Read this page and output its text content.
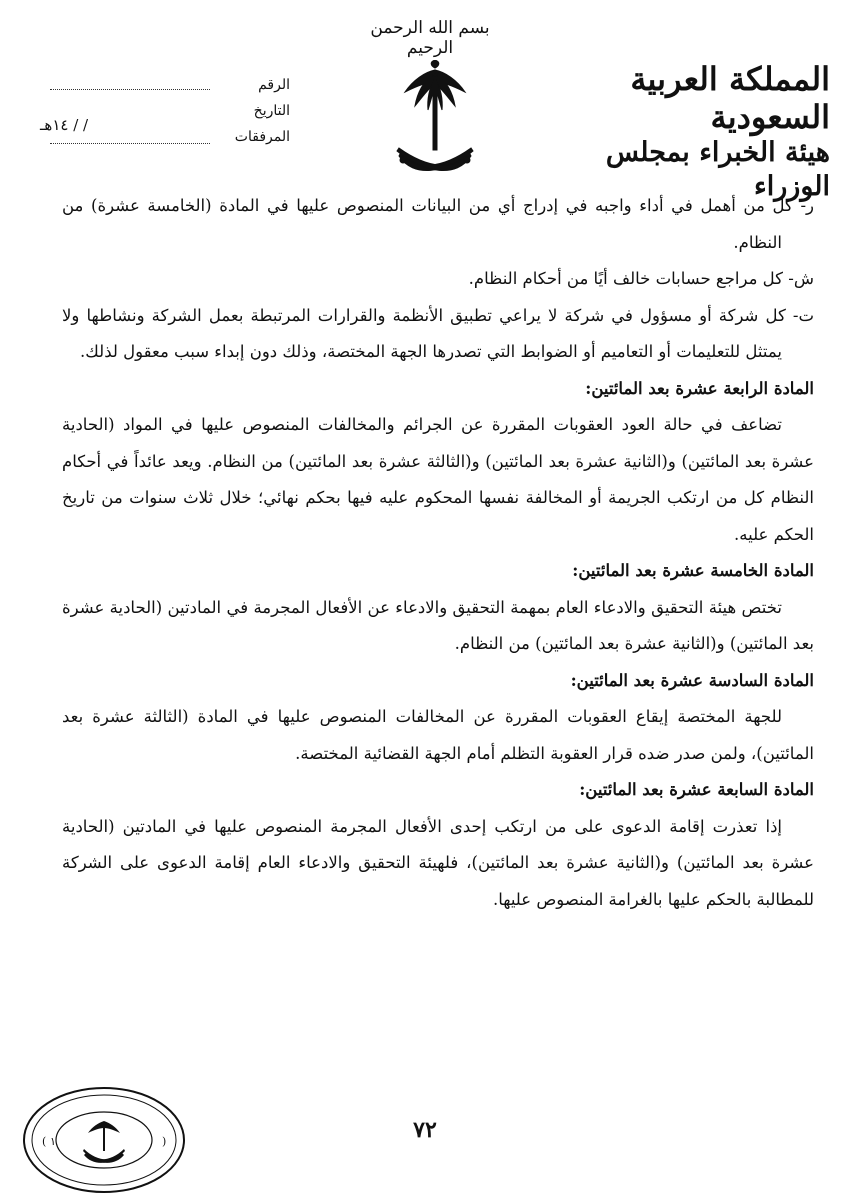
بسم الله الرحمن الرحيم
المملكة العربية السعودية
هيئة الخبراء بمجلس الوزراء
الرقم
التاريخ
المرفقات
/ / ١٤هـ

ر- كل من أهمل في أداء واجبه في إدراج أي من البيانات المنصوص عليها في المادة (الخامسة عشرة) من النظام.

ش- كل مراجع حسابات خالف أيًا من أحكام النظام.

ت- كل شركة أو مسؤول في شركة لا يراعي تطبيق الأنظمة والقرارات المرتبطة بعمل الشركة ونشاطها ولا يمتثل للتعليمات أو التعاميم أو الضوابط التي تصدرها الجهة المختصة، وذلك دون إبداء سبب معقول لذلك.

المادة الرابعة عشرة بعد المائتين:

تضاعف في حالة العود العقوبات المقررة عن الجرائم والمخالفات المنصوص عليها في المواد (الحادية عشرة بعد المائتين) و(الثانية عشرة بعد المائتين) و(الثالثة عشرة بعد المائتين) من النظام. ويعد عائداً في أحكام النظام كل من ارتكب الجريمة أو المخالفة نفسها المحكوم عليه فيها بحكم نهائي؛ خلال ثلاث سنوات من تاريخ الحكم عليه.

المادة الخامسة عشرة بعد المائتين:

تختص هيئة التحقيق والادعاء العام بمهمة التحقيق والادعاء عن الأفعال المجرمة في المادتين (الحادية عشرة بعد المائتين) و(الثانية عشرة بعد المائتين) من النظام.

المادة السادسة عشرة بعد المائتين:

للجهة المختصة إيقاع العقوبات المقررة عن المخالفات المنصوص عليها في المادة (الثالثة عشرة بعد المائتين)، ولمن صدر ضده قرار العقوبة التظلم أمام الجهة القضائية المختصة.

المادة السابعة عشرة بعد المائتين:

إذا تعذرت إقامة الدعوى على من ارتكب إحدى الأفعال المجرمة المنصوص عليها في المادتين (الحادية عشرة بعد المائتين) و(الثانية عشرة بعد المائتين)، فلهيئة التحقيق والادعاء العام إقامة الدعوى على الشركة للمطالبة بالحكم عليها بالغرامة المنصوص عليها.

٧٢
( ١	)
